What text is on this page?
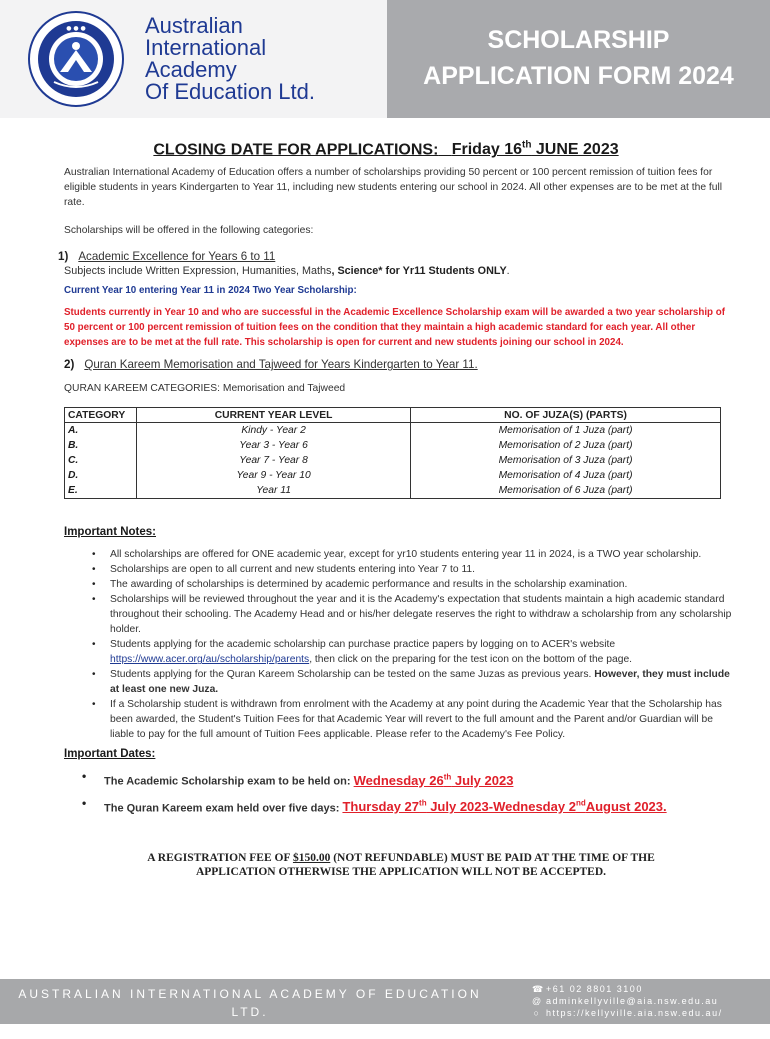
● ● ●	Australian
International
Academy
Of Education Ltd.
SCHOLARSHIP
APPLICATION FORM 2024
CLOSING DATE FOR APPLICATIONS: Friday 16th JUNE 2023

Australian International Academy of Education offers a number of scholarships providing 50 percent or 100 percent remission of tuition fees for eligible students in years Kindergarten to Year 11, including new students entering our school in 2024. All other expenses are to be met at the full rate.

Scholarships will be offered in the following categories:

1) Academic Excellence for Years 6 to 11
Subjects include Written Expression, Humanities, Maths, Science* for Yr11 Students ONLY.
Current Year 10 entering Year 11 in 2024 Two Year Scholarship:
Students currently in Year 10 and who are successful in the Academic Excellence Scholarship exam will be awarded a two year scholarship of 50 percent or 100 percent remission of tuition fees on the condition that they maintain a high academic standard for each year. All other expenses are to be met at the full rate. This scholarship is open for current and new students joining our school in 2024.
2) Quran Kareem Memorisation and Tajweed for Years Kindergarten to Year 11.
QURAN KAREEM CATEGORIES: Memorisation and Tajweed
CATEGORY	CURRENT YEAR LEVEL	NO. OF JUZA(S) (PARTS)
A.	Kindy - Year 2	Memorisation of 1 Juza (part)
B.	Year 3 - Year 6	Memorisation of 2 Juza (part)
C.	Year 7 - Year 8	Memorisation of 3 Juza (part)
D.	Year 9 - Year 10	Memorisation of 4 Juza (part)
E.	Year 11	Memorisation of 6 Juza (part)
Important Notes:
• All scholarships are offered for ONE academic year, except for yr10 students entering year 11 in 2024, is a TWO year scholarship.
• Scholarships are open to all current and new students entering into Year 7 to 11.
• The awarding of scholarships is determined by academic performance and results in the scholarship examination.
• Scholarships will be reviewed throughout the year and it is the Academy's expectation that students maintain a high academic standard throughout their schooling. The Academy Head and or his/her delegate reserves the right to withdraw a scholarship from any scholarship holder.
• Students applying for the academic scholarship can purchase practice papers by logging on to ACER's website https://www.acer.org/au/scholarship/parents, then click on the preparing for the test icon on the bottom of the page.
• Students applying for the Quran Kareem Scholarship can be tested on the same Juzas as previous years. However, they must include at least one new Juza.
• If a Scholarship student is withdrawn from enrolment with the Academy at any point during the Academic Year that the Scholarship has been awarded, the Student's Tuition Fees for that Academic Year will revert to the full amount and the Parent and/or Guardian will be liable to pay for the full amount of Tuition Fees applicable. Please refer to the Academy's Fee Policy.
Important Dates:
• The Academic Scholarship exam to be held on: Wednesday 26th July 2023
• The Quran Kareem exam held over five days: Thursday 27th July 2023-Wednesday 2ndAugust 2023.
A REGISTRATION FEE OF $150.00 (NOT REFUNDABLE) MUST BE PAID AT THE TIME OF THE
APPLICATION OTHERWISE THE APPLICATION WILL NOT BE ACCEPTED.
AUSTRALIAN INTERNATIONAL ACADEMY OF EDUCATION LTD.
KELLYVILLE SCHOOL
☎+61 02 8801 3100
@ adminkellyville@aia.nsw.edu.au
○ https://kellyville.aia.nsw.edu.au/
